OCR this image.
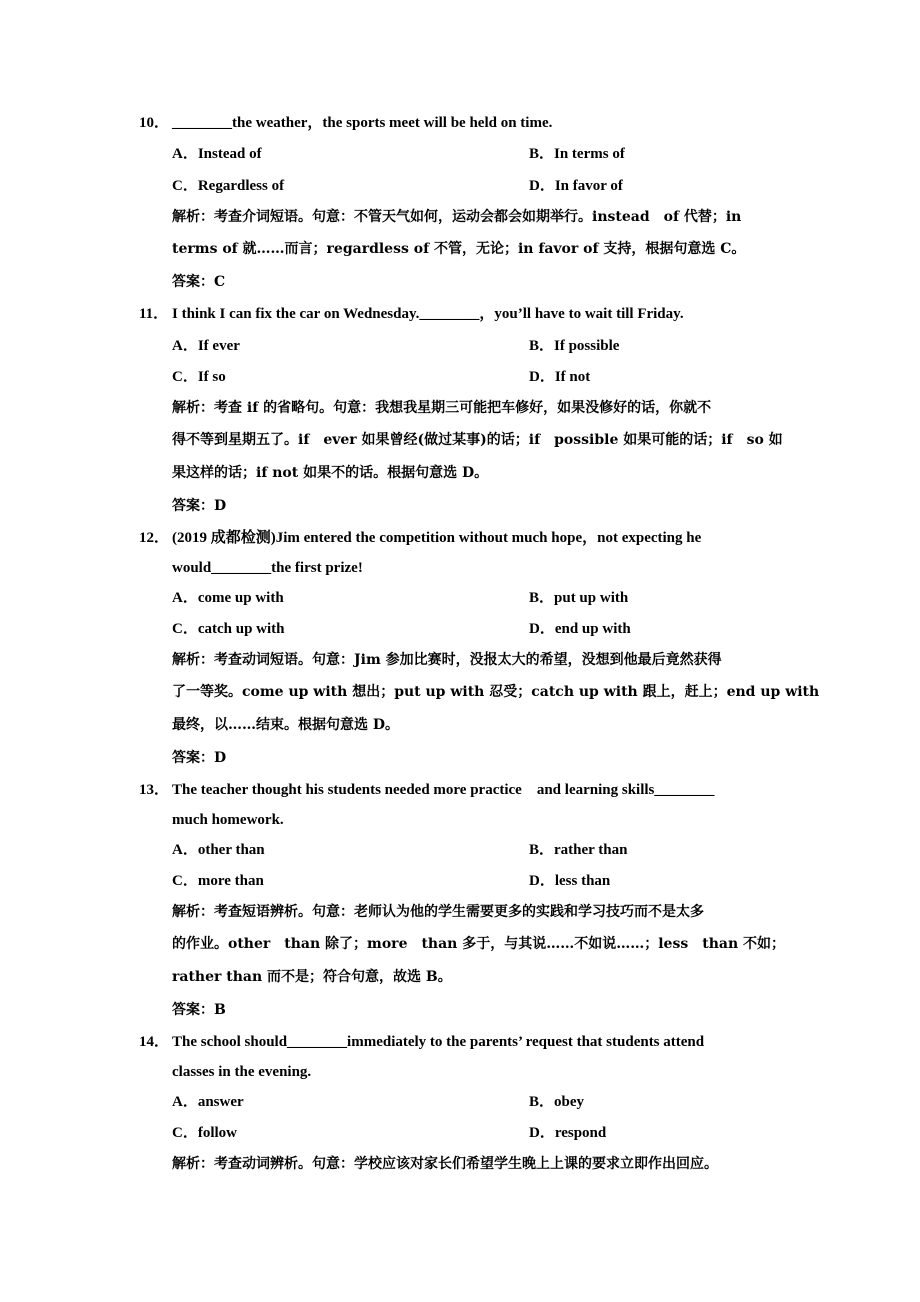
10． ________the weather，the sports meet will be held on time.
A．Instead of	B．In terms of
C．Regardless of	D．In favor of
解析：考查介词短语。句意：不管天气如何，运动会都会如期举行。instead　of 代替；in
terms of 就……而言；regardless of 不管，无论；in favor of 支持，根据句意选 C。
答案：C
11． I think I can fix the car on Wednesday.________，you’ll have to wait till Friday.
A．If ever	B．If possible
C．If so	D．If not
解析：考查 if 的省略句。句意：我想我星期三可能把车修好，如果没修好的话，你就不
得不等到星期五了。if　ever 如果曾经(做过某事)的话；if　possible 如果可能的话；if　so 如
果这样的话；if not 如果不的话。根据句意选 D。
答案：D
12． (2019 成都检测)Jim entered the competition without much hope，not expecting he
would________the first prize!
A．come up with	B．put up with
C．catch up with	D．end up with
解析：考查动词短语。句意：Jim 参加比赛时，没报太大的希望，没想到他最后竟然获得
了一等奖。come up with 想出；put up with 忍受；catch up with 跟上，赶上；end up with
最终，以……结束。根据句意选 D。
答案：D
13． The teacher thought his students needed more practice　and learning skills________
much homework.
A．other than	B．rather than
C．more than	D．less than
解析：考查短语辨析。句意：老师认为他的学生需要更多的实践和学习技巧而不是太多
的作业。other　than 除了；more　than 多于，与其说……不如说……；less　than 不如；
rather than 而不是；符合句意，故选 B。
答案：B
14． The school should________immediately to the parents’ request that students attend
classes in the evening.
A．answer	B．obey
C．follow	D．respond
解析：考查动词辨析。句意：学校应该对家长们希望学生晚上上课的要求立即作出回应。
